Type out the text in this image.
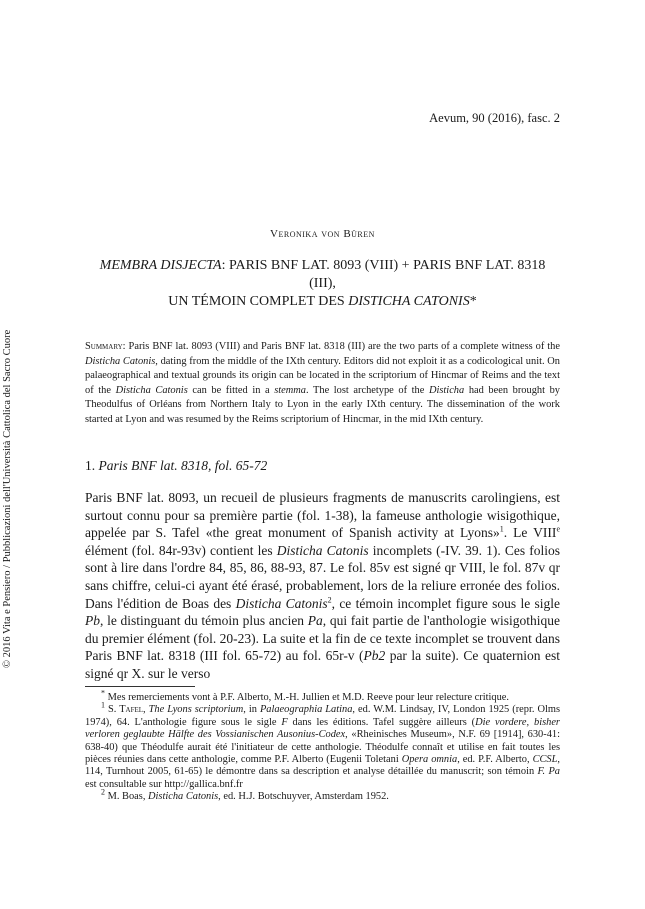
Aevum, 90 (2016), fasc. 2
Veronika von Büren
MEMBRA DISJECTA: PARIS BNF LAT. 8093 (VIII) + PARIS BNF LAT. 8318 (III),
UN TÉMOIN COMPLET DES DISTICHA CATONIS*
Summary: Paris BNF lat. 8093 (VIII) and Paris BNF lat. 8318 (III) are the two parts of a complete witness of the Disticha Catonis, dating from the middle of the IXth century. Editors did not exploit it as a codicological unit. On palaeographical and textual grounds its origin can be located in the scriptorium of Hincmar of Reims and the text of the Disticha Catonis can be fitted in a stemma. The lost archetype of the Disticha had been brought by Theodulfus of Orléans from Northern Italy to Lyon in the early IXth century. The dissemination of the work started at Lyon and was resumed by the Reims scriptorium of Hincmar, in the mid IXth century.
1. Paris BNF lat. 8318, fol. 65-72
Paris BNF lat. 8093, un recueil de plusieurs fragments de manuscrits carolingiens, est surtout connu pour sa première partie (fol. 1-38), la fameuse anthologie wisigothique, appelée par S. Tafel «the great monument of Spanish activity at Lyons»$^1$. Le VIIIe élément (fol. 84r-93v) contient les Disticha Catonis incomplets (-IV. 39. 1). Ces folios sont à lire dans l'ordre 84, 85, 86, 88-93, 87. Le fol. 85v est signé qr VIII, le fol. 87v qr sans chiffre, celui-ci ayant été érasé, probablement, lors de la reliure erronée des folios. Dans l'édition de Boas des Disticha Catonis$^2$, ce témoin incomplet figure sous le sigle Pb, le distinguant du témoin plus ancien Pa, qui fait partie de l'anthologie wisigothique du premier élément (fol. 20-23). La suite et la fin de ce texte incomplet se trouvent dans Paris BNF lat. 8318 (III fol. 65-72) au fol. 65r-v (Pb2 par la suite). Ce quaternion est signé qr X. sur le verso
* Mes remerciements vont à P.F. Alberto, M.-H. Jullien et M.D. Reeve pour leur relecture critique.
$^1$ S. Tafel, The Lyons scriptorium, in Palaeographia Latina, ed. W.M. Lindsay, IV, London 1925 (repr. Olms 1974), 64. L'anthologie figure sous le sigle F dans les éditions. Tafel suggère ailleurs (Die vordere, bisher verloren geglaubte Hälfte des Vossianischen Ausonius-Codex, «Rheinisches Museum», N.F. 69 [1914], 630-41: 638-40) que Théodulfe aurait été l'initiateur de cette anthologie. Théodulfe connaît et utilise en fait toutes les pièces réunies dans cette anthologie, comme P.F. Alberto (Eugenii Toletani Opera omnia, ed. P.F. Alberto, CCSL, 114, Turnhout 2005, 61-65) le démontre dans sa description et analyse détaillée du manuscrit; son témoin F. Pa est consultable sur http://gallica.bnf.fr
$^2$ M. Boas, Disticha Catonis, ed. H.J. Botschuyver, Amsterdam 1952.
© 2016 Vita e Pensiero / Pubblicazioni dell'Università Cattolica del Sacro Cuore
